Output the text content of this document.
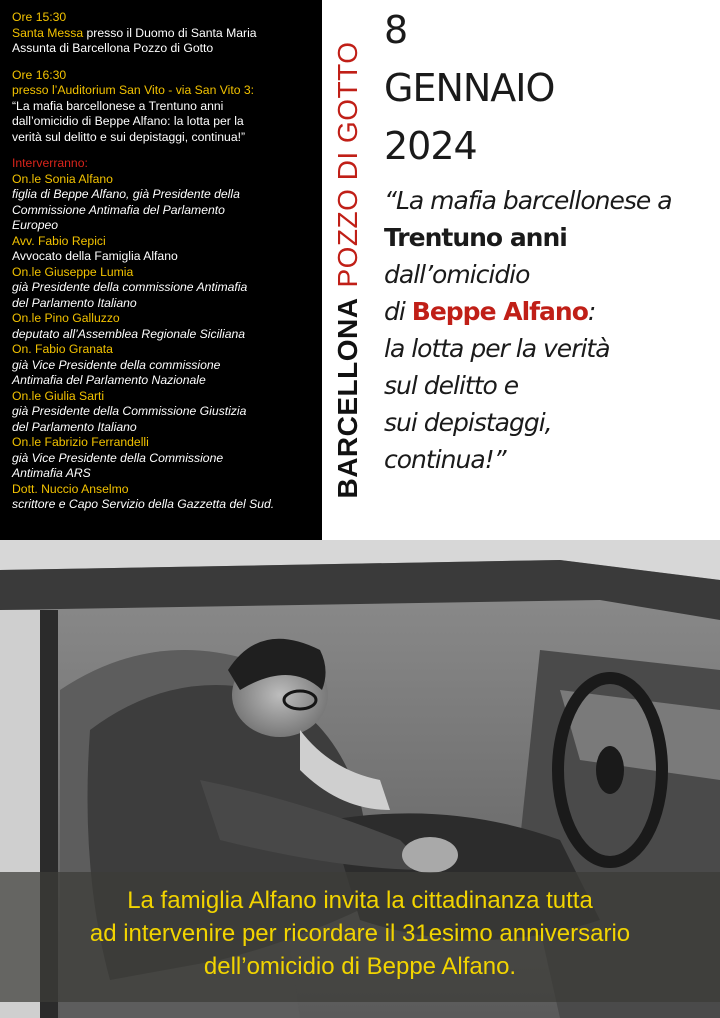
Ore 15:30
Santa Messa presso il Duomo di Santa Maria
Assunta di Barcellona Pozzo di Gotto
Ore 16:30
presso l’Auditorium San Vito - via San Vito 3:
“La mafia barcellonese a Trentuno anni
dall’omicidio di Beppe Alfano: la lotta per la
verità sul delitto e sui depistaggi, continua!”
Interverranno:
On.le Sonia Alfano
figlia di Beppe Alfano, già Presidente della
Commissione Antimafia del Parlamento
Europeo
Avv. Fabio Repici
Avvocato della Famiglia Alfano
On.le Giuseppe Lumia
già Presidente della commissione Antimafia
del Parlamento Italiano
On.le Pino Galluzzo
deputato all’Assemblea Regionale Siciliana
On. Fabio Granata
già Vice Presidente della commissione
Antimafia del Parlamento Nazionale
On.le Giulia Sarti
già Presidente della Commissione Giustizia
del Parlamento Italiano
On.le Fabrizio Ferrandelli
già Vice Presidente della Commissione
Antimafia ARS
Dott. Nuccio Anselmo
scrittore e Capo Servizio della Gazzetta del Sud.
BARCELLONAPOZZO DI GOTTO
8
GENNAIO
2024
“La mafia barcellonese a
Trentuno anni
dall’omicidio
di Beppe Alfano:
la lotta per la verità
sul delitto e
sui depistaggi,
continua!”
La famiglia Alfano invita la cittadinanza tutta
ad intervenire per ricordare il 31esimo anniversario
dell’omicidio di Beppe Alfano.
